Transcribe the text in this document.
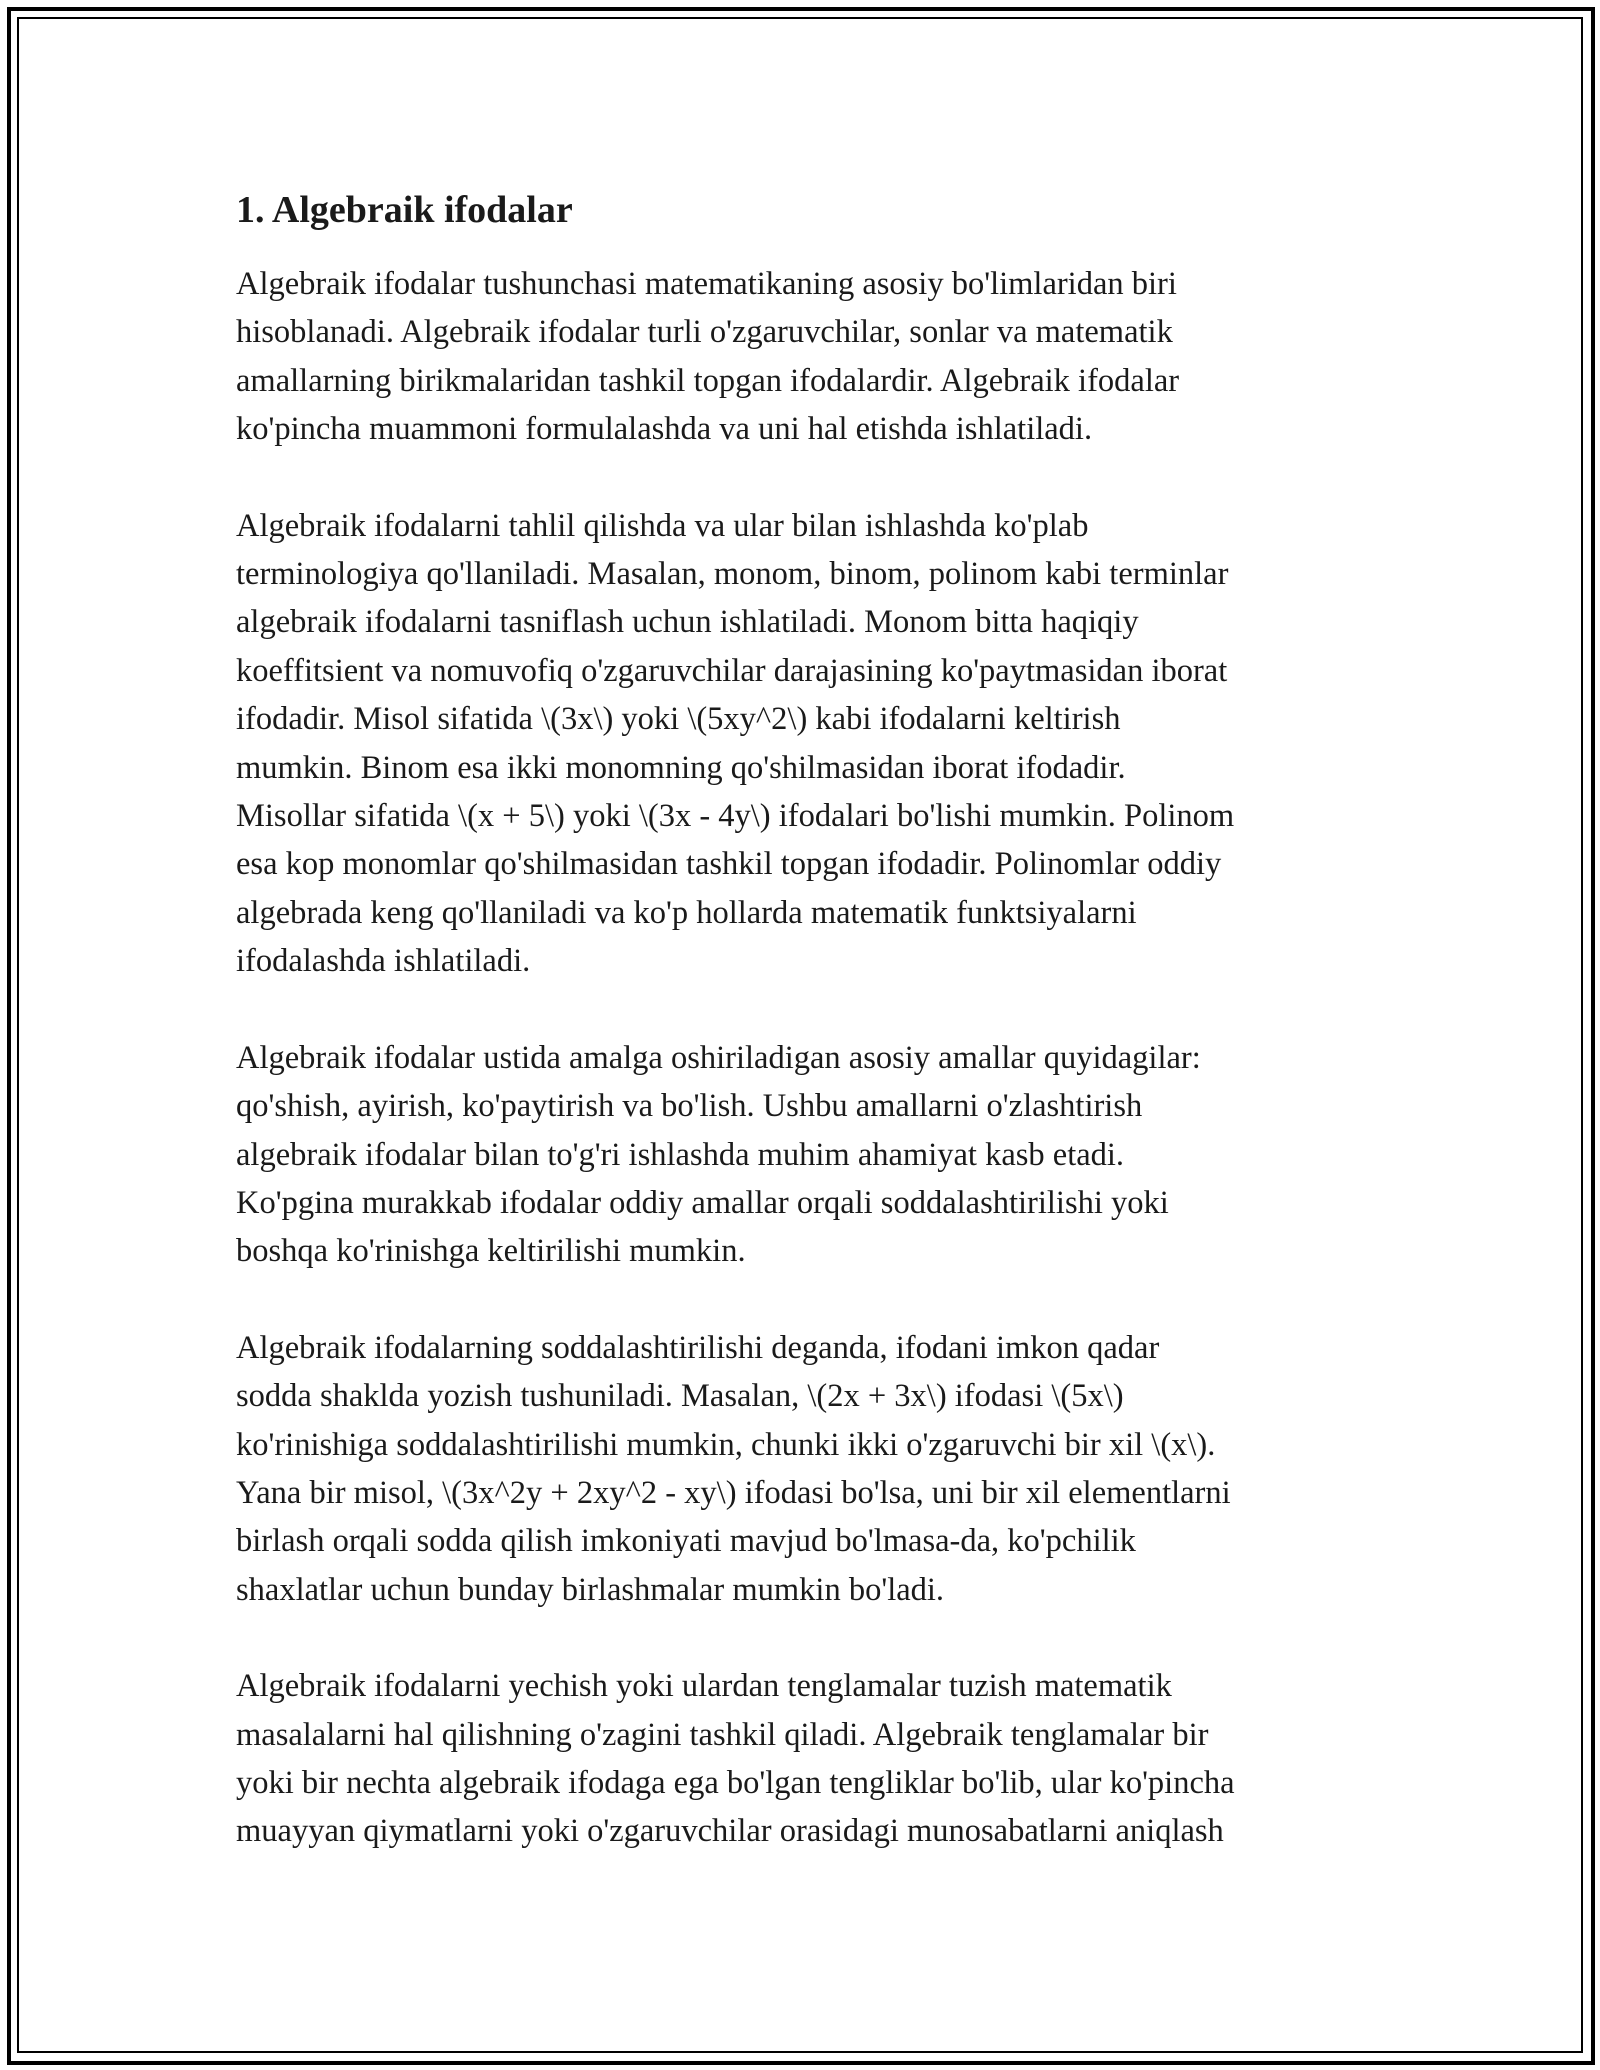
1. Algebraik ifodalar

Algebraik ifodalar tushunchasi matematikaning asosiy bo'limlaridan biri
hisoblanadi. Algebraik ifodalar turli o'zgaruvchilar, sonlar va matematik
amallarning birikmalaridan tashkil topgan ifodalardir. Algebraik ifodalar
ko'pincha muammoni formulalashda va uni hal etishda ishlatiladi.

Algebraik ifodalarni tahlil qilishda va ular bilan ishlashda ko'plab
terminologiya qo'llaniladi. Masalan, monom, binom, polinom kabi terminlar
algebraik ifodalarni tasniflash uchun ishlatiladi. Monom bitta haqiqiy
koeffitsient va nomuvofiq o'zgaruvchilar darajasining ko'paytmasidan iborat
ifodadir. Misol sifatida \(3x\) yoki \(5xy^2\) kabi ifodalarni keltirish
mumkin. Binom esa ikki monomning qo'shilmasidan iborat ifodadir.
Misollar sifatida \(x + 5\) yoki \(3x - 4y\) ifodalari bo'lishi mumkin. Polinom
esa kop monomlar qo'shilmasidan tashkil topgan ifodadir. Polinomlar oddiy
algebrada keng qo'llaniladi va ko'p hollarda matematik funktsiyalarni
ifodalashda ishlatiladi.

Algebraik ifodalar ustida amalga oshiriladigan asosiy amallar quyidagilar:
qo'shish, ayirish, ko'paytirish va bo'lish. Ushbu amallarni o'zlashtirish
algebraik ifodalar bilan to'g'ri ishlashda muhim ahamiyat kasb etadi.
Ko'pgina murakkab ifodalar oddiy amallar orqali soddalashtirilishi yoki
boshqa ko'rinishga keltirilishi mumkin.

Algebraik ifodalarning soddalashtirilishi deganda, ifodani imkon qadar
sodda shaklda yozish tushuniladi. Masalan, \(2x + 3x\) ifodasi \(5x\)
ko'rinishiga soddalashtirilishi mumkin, chunki ikki o'zgaruvchi bir xil \(x\).
Yana bir misol, \(3x^2y + 2xy^2 - xy\) ifodasi bo'lsa, uni bir xil elementlarni
birlash orqali sodda qilish imkoniyati mavjud bo'lmasa-da, ko'pchilik
shaxlatlar uchun bunday birlashmalar mumkin bo'ladi.

Algebraik ifodalarni yechish yoki ulardan tenglamalar tuzish matematik
masalalarni hal qilishning o'zagini tashkil qiladi. Algebraik tenglamalar bir
yoki bir nechta algebraik ifodaga ega bo'lgan tengliklar bo'lib, ular ko'pincha
muayyan qiymatlarni yoki o'zgaruvchilar orasidagi munosabatlarni aniqlash
